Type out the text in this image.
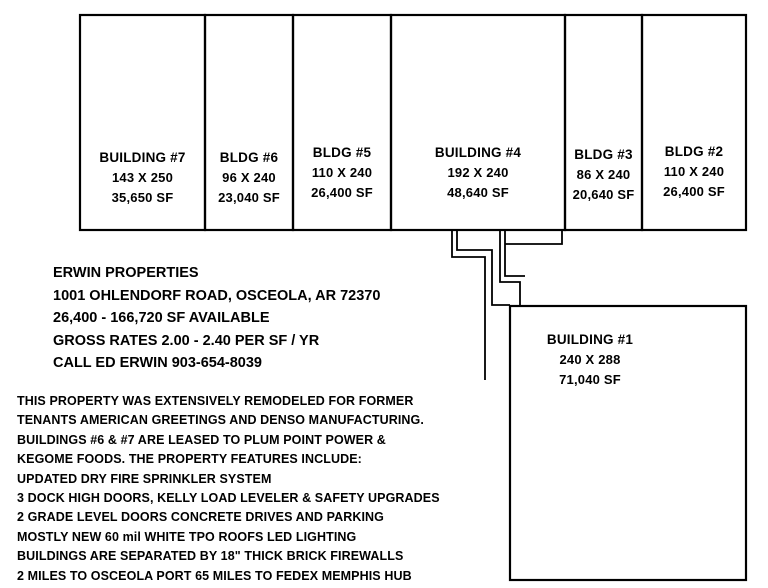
BUILDING #7
143 X 250
35,650 SF
BLDG #6
96 X 240
23,040 SF
BLDG #5
110 X 240
26,400 SF
BUILDING #4
192 X 240
48,640 SF
BLDG #3
86 X 240
20,640 SF
BLDG #2
110 X 240
26,400 SF
BUILDING #1
240 X 288
71,040 SF
ERWIN PROPERTIES
1001 OHLENDORF ROAD, OSCEOLA, AR 72370
26,400 - 166,720 SF AVAILABLE
GROSS RATES 2.00 - 2.40 PER SF / YR
CALL ED ERWIN 903-654-8039
THIS PROPERTY WAS EXTENSIVELY REMODELED FOR FORMER
TENANTS AMERICAN GREETINGS AND DENSO MANUFACTURING.
BUILDINGS #6 & #7 ARE LEASED TO PLUM POINT POWER &
KEGOME FOODS. THE PROPERTY FEATURES INCLUDE:
UPDATED DRY FIRE SPRINKLER SYSTEM
3 DOCK HIGH DOORS, KELLY LOAD LEVELER & SAFETY UPGRADES
2 GRADE LEVEL DOORS CONCRETE DRIVES AND PARKING
MOSTLY NEW 60 mil WHITE TPO ROOFS LED LIGHTING
BUILDINGS ARE SEPARATED BY 18" THICK BRICK FIREWALLS
2 MILES TO OSCEOLA PORT 65 MILES TO FEDEX MEMPHIS HUB
